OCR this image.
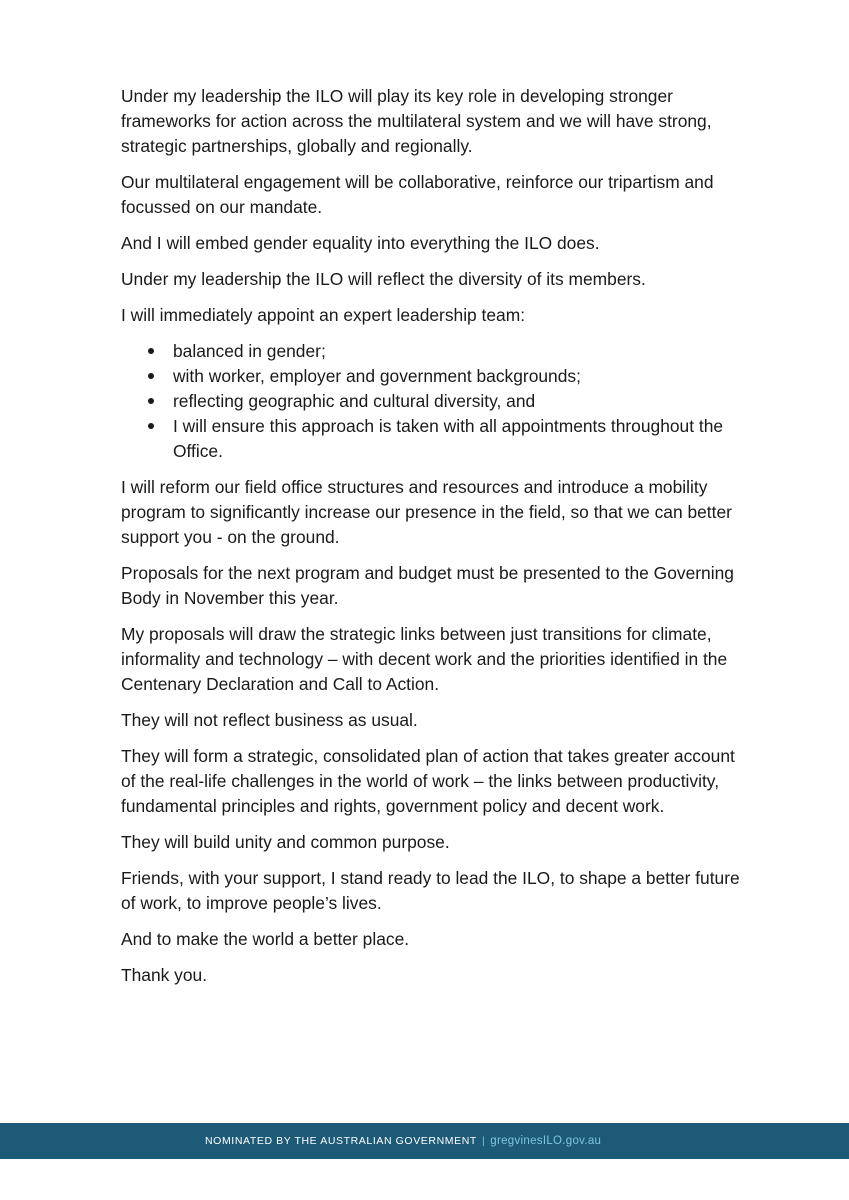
Under my leadership the ILO will play its key role in developing stronger frameworks for action across the multilateral system and we will have strong, strategic partnerships, globally and regionally.

Our multilateral engagement will be collaborative, reinforce our tripartism and focussed on our mandate.

And I will embed gender equality into everything the ILO does.

Under my leadership the ILO will reflect the diversity of its members.

I will immediately appoint an expert leadership team:

balanced in gender;
with worker, employer and government backgrounds;
reflecting geographic and cultural diversity, and
I will ensure this approach is taken with all appointments throughout the Office.

I will reform our field office structures and resources and introduce a mobility program to significantly increase our presence in the field, so that we can better support you - on the ground.

Proposals for the next program and budget must be presented to the Governing Body in November this year.

My proposals will draw the strategic links between just transitions for climate, informality and technology – with decent work and the priorities identified in the Centenary Declaration and Call to Action.

They will not reflect business as usual.

They will form a strategic, consolidated plan of action that takes greater account of the real-life challenges in the world of work – the links between productivity, fundamental principles and rights, government policy and decent work.

They will build unity and common purpose.

Friends, with your support, I stand ready to lead the ILO, to shape a better future of work, to improve people’s lives.

And to make the world a better place.

Thank you.

NOMINATED BY THE AUSTRALIAN GOVERNMENT | gregvinesILO.gov.au
